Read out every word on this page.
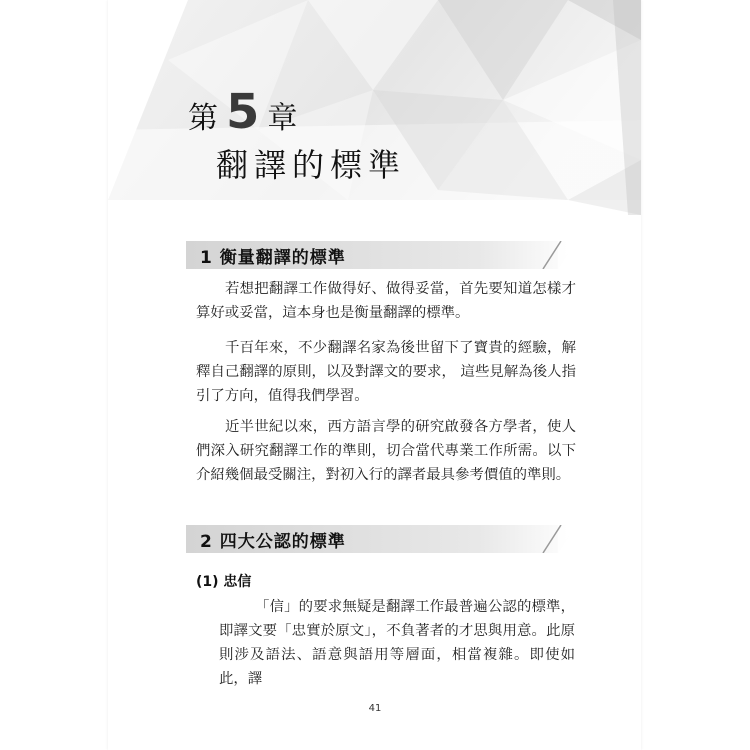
第 5 章
翻譯的標準
1 衡量翻譯的標準

若想把翻譯工作做得好、做得妥當，首先要知道怎樣才算好或妥當，這本身也是衡量翻譯的標準。

千百年來，不少翻譯名家為後世留下了寶貴的經驗，解釋自己翻譯的原則，以及對譯文的要求， 這些見解為後人指引了方向，值得我們學習。

近半世紀以來，西方語言學的研究啟發各方學者，使人們深入研究翻譯工作的準則，切合當代專業工作所需。以下介紹幾個最受關注，對初入行的譯者最具參考價值的準則。

2 四大公認的標準
(1) 忠信

「信」的要求無疑是翻譯工作最普遍公認的標準，即譯文要「忠實於原文」，不負著者的才思與用意。此原則涉及語法、語意與語用等層面，相當複雜。即使如此，譯

41
